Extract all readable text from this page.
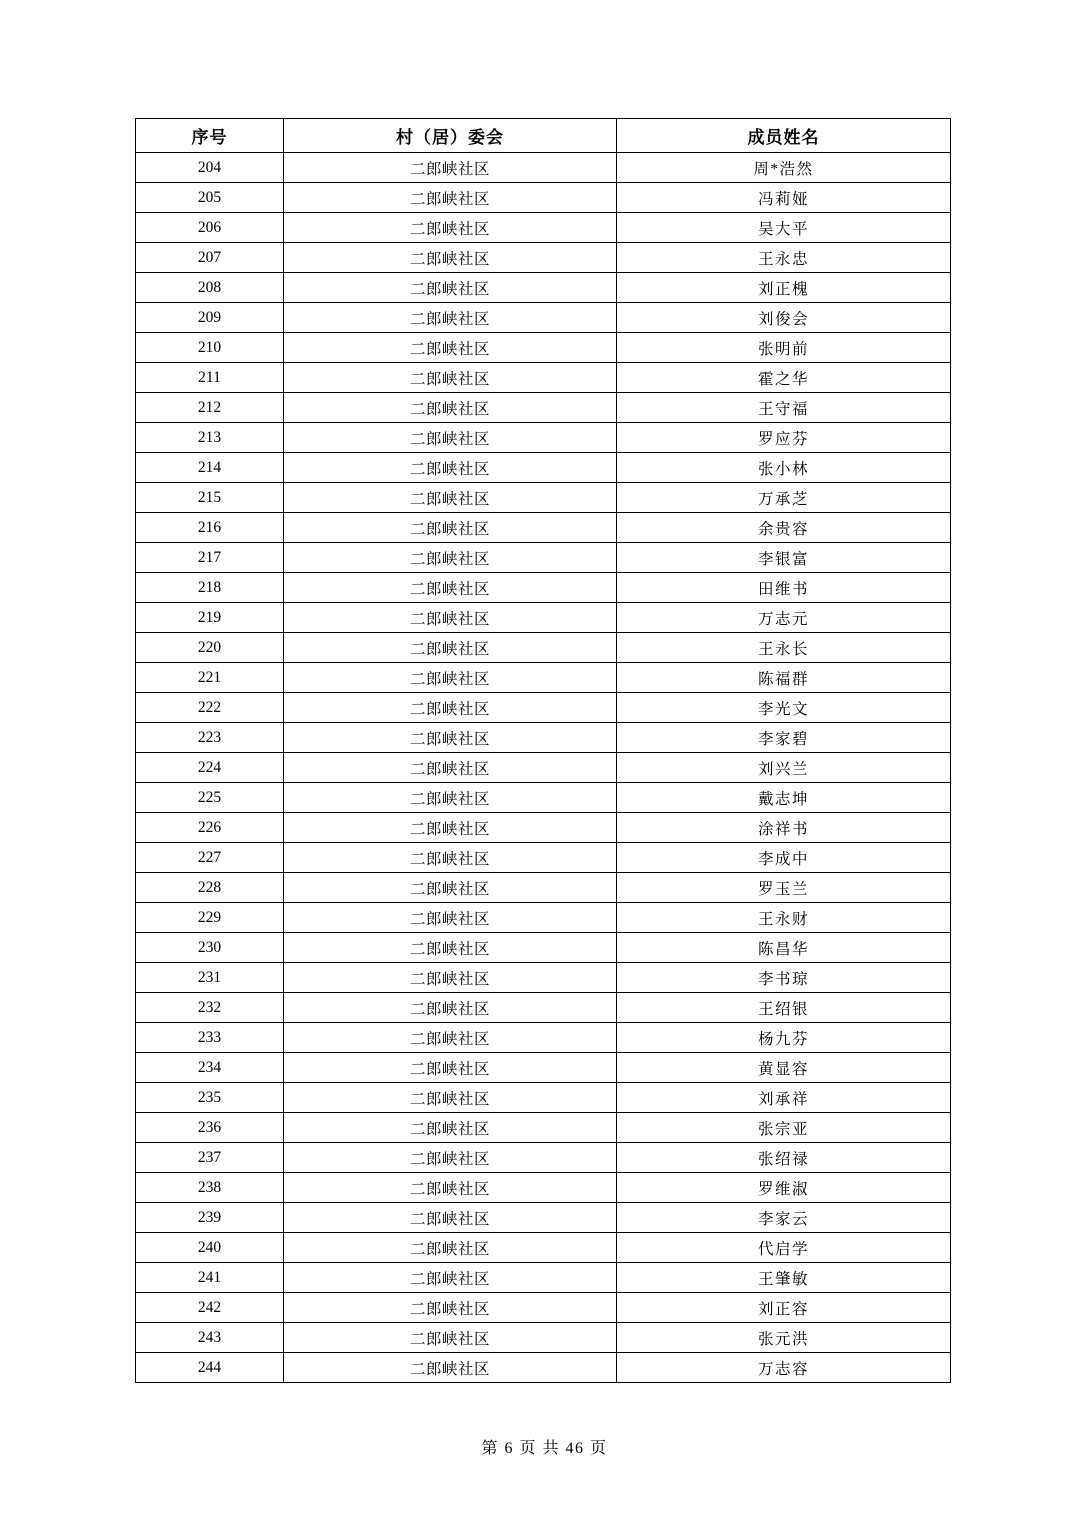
序号	村（居）委会	成员姓名
204	二郎峡社区	周*浩然
205	二郎峡社区	冯莉娅
206	二郎峡社区	吴大平
207	二郎峡社区	王永忠
208	二郎峡社区	刘正槐
209	二郎峡社区	刘俊会
210	二郎峡社区	张明前
211	二郎峡社区	霍之华
212	二郎峡社区	王守福
213	二郎峡社区	罗应芬
214	二郎峡社区	张小林
215	二郎峡社区	万承芝
216	二郎峡社区	余贵容
217	二郎峡社区	李银富
218	二郎峡社区	田维书
219	二郎峡社区	万志元
220	二郎峡社区	王永长
221	二郎峡社区	陈福群
222	二郎峡社区	李光文
223	二郎峡社区	李家碧
224	二郎峡社区	刘兴兰
225	二郎峡社区	戴志坤
226	二郎峡社区	涂祥书
227	二郎峡社区	李成中
228	二郎峡社区	罗玉兰
229	二郎峡社区	王永财
230	二郎峡社区	陈昌华
231	二郎峡社区	李书琼
232	二郎峡社区	王绍银
233	二郎峡社区	杨九芬
234	二郎峡社区	黄显容
235	二郎峡社区	刘承祥
236	二郎峡社区	张宗亚
237	二郎峡社区	张绍禄
238	二郎峡社区	罗维淑
239	二郎峡社区	李家云
240	二郎峡社区	代启学
241	二郎峡社区	王肇敏
242	二郎峡社区	刘正容
243	二郎峡社区	张元洪
244	二郎峡社区	万志容
第 6 页 共 46 页
